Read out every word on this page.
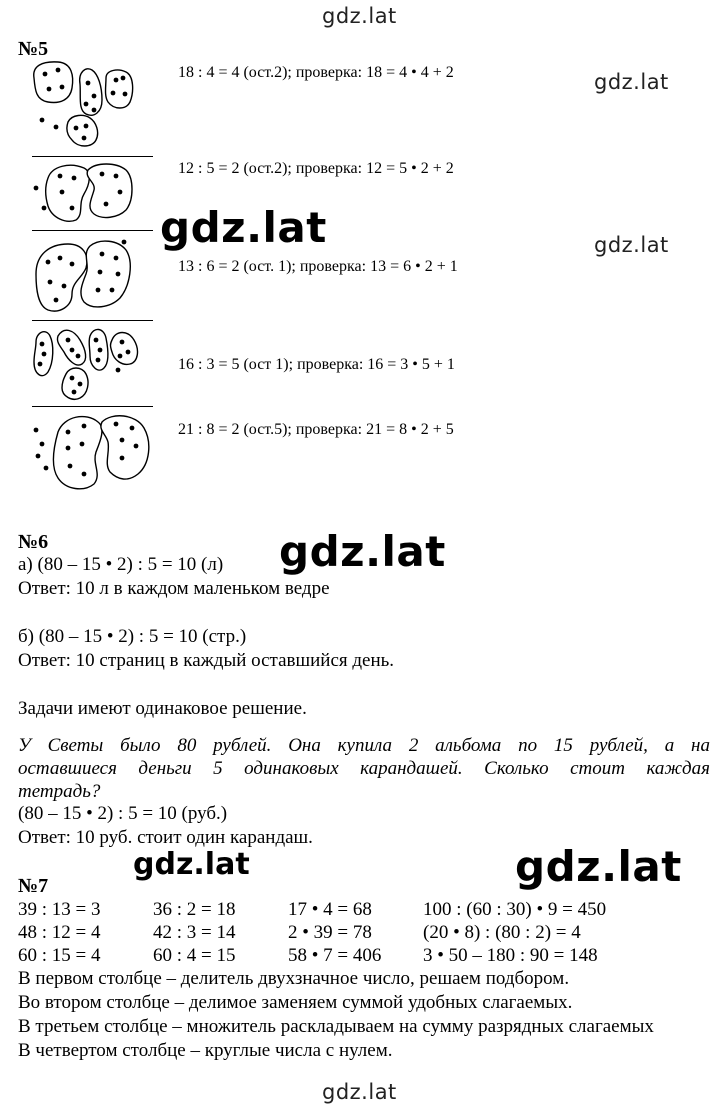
gdz.lat
gdz.lat
gdz.lat	gdz.lat
gdz.lat
gdz.lat	gdz.lat
gdz.lat
№5
18 : 4 = 4 (ост.2); проверка: 18 = 4 • 4 + 2
12 : 5 = 2 (ост.2); проверка: 12 = 5 • 2 + 2
13 : 6 = 2 (ост. 1); проверка: 13 = 6 • 2 + 1
16 : 3 = 5 (ост 1); проверка: 16 = 3 • 5 + 1
21 : 8 = 2 (ост.5); проверка: 21 = 8 • 2 + 5
№6
а) (80 – 15 • 2) : 5 = 10 (л)
Ответ: 10 л в каждом маленьком ведре
б) (80 – 15 • 2) : 5 = 10 (стр.)
Ответ: 10 страниц в каждый оставшийся день.
Задачи имеют одинаковое решение.
У Светы было 80 рублей. Она купила 2 альбома по 15 рублей, а на
оставшиеся деньги 5 одинаковых карандашей. Сколько стоит каждая
тетрадь?
(80 – 15 • 2) : 5 = 10 (руб.)
Ответ: 10 руб. стоит один карандаш.
№7
39 : 13 = 3
48 : 12 = 4
60 : 15 = 4
36 : 2 = 18
42 : 3 = 14
60 : 4 = 15
17 • 4 = 68
2 • 39 = 78
58 • 7 = 406
100 : (60 : 30) • 9 = 450
(20 • 8) : (80 : 2) = 4
3 • 50 – 180 : 90 = 148
В первом столбце – делитель двухзначное число, решаем подбором.
Во втором столбце – делимое заменяем суммой удобных слагаемых.
В третьем столбце – множитель раскладываем на сумму разрядных слагаемых
В четвертом столбце – круглые числа с нулем.
